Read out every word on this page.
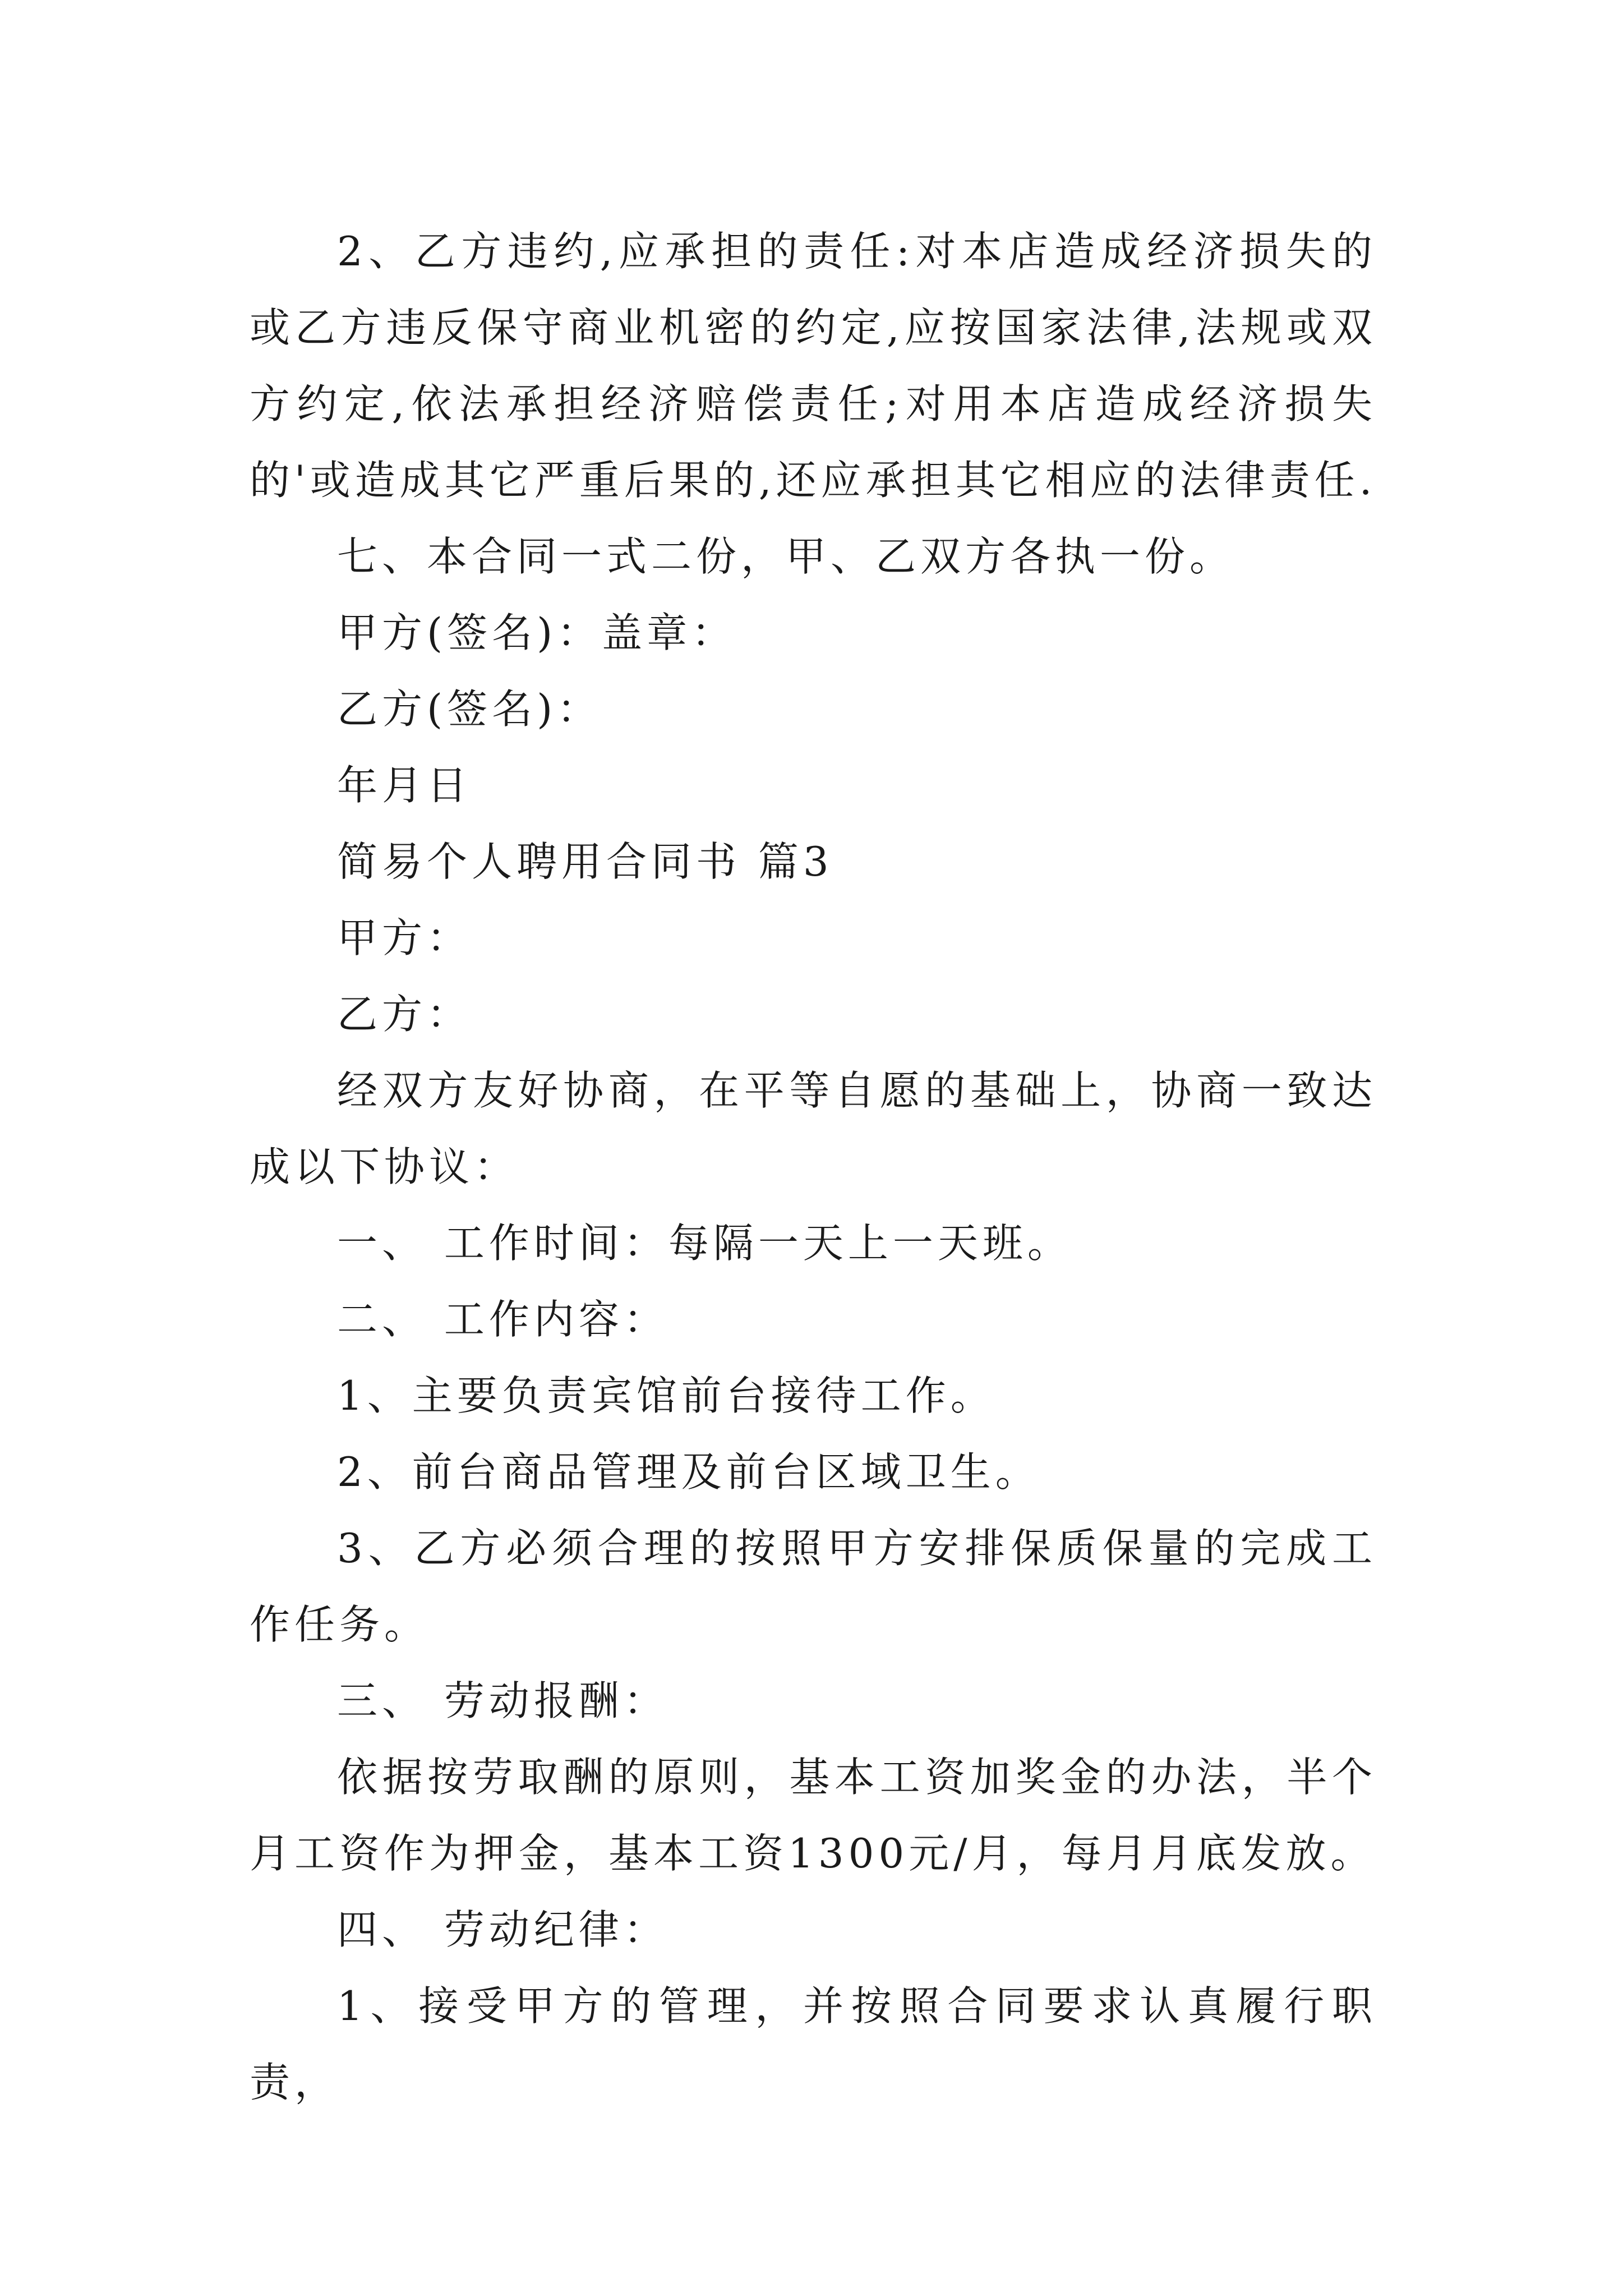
2、乙方违约,应承担的责任:对本店造成经济损失的或乙方违反保守商业机密的约定,应按国家法律,法规或双方约定,依法承担经济赔偿责任;对用本店造成经济损失的'或造成其它严重后果的,还应承担其它相应的法律责任.

七、本合同一式二份，甲、乙双方各执一份。

甲方(签名)：盖章：

乙方(签名)：

年月日

简易个人聘用合同书 篇3

甲方：

乙方：

经双方友好协商，在平等自愿的基础上，协商一致达成以下协议：

一、 工作时间：每隔一天上一天班。

二、 工作内容：

1、主要负责宾馆前台接待工作。

2、前台商品管理及前台区域卫生。

3、乙方必须合理的按照甲方安排保质保量的完成工作任务。

三、 劳动报酬：

依据按劳取酬的原则，基本工资加奖金的办法，半个月工资作为押金，基本工资1300元/月，每月月底发放。

四、 劳动纪律：

1、接受甲方的管理，并按照合同要求认真履行职责，
